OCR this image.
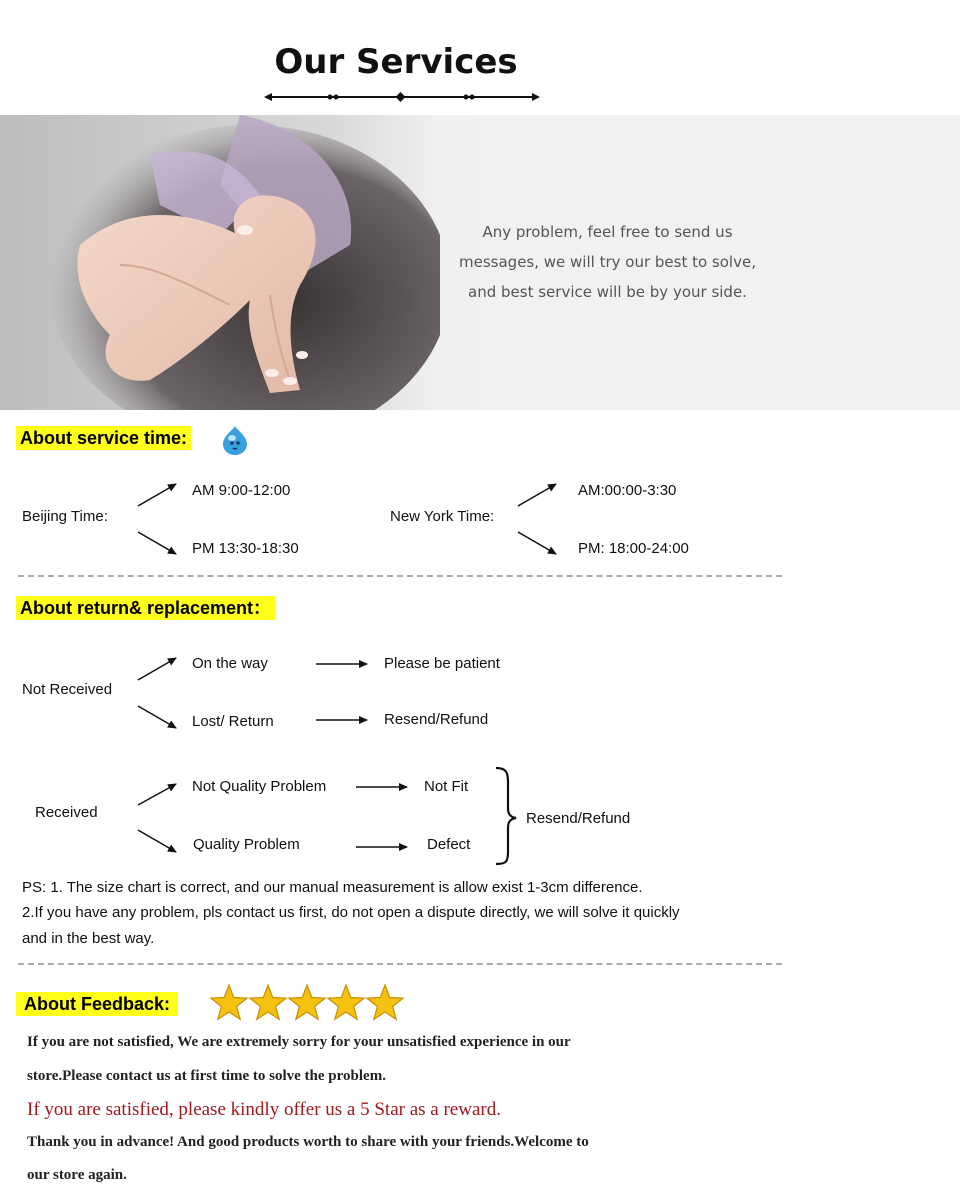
Our Services
Any problem, feel free to send us
messages, we will try our best to solve,
and best service will be by your side.
About service time:
Beijing Time:
AM 9:00-12:00
PM 13:30-18:30
New York Time:
AM:00:00-3:30
PM: 18:00-24:00
About return& replacement：
Not Received
On the way	Please be patient
Lost/ Return	Resend/Refund
Received
Not Quality Problem	Not Fit
Quality Problem	Defect
Resend/Refund
PS: 1. The size chart is correct, and our manual measurement is allow exist 1-3cm difference.
2.If you have any problem, pls contact us first, do not open a dispute directly, we will solve it quickly
and in the best way.
About Feedback:
If you are not satisfied, We are extremely sorry for your unsatisfied experience in our
store.Please contact us at first time to solve the problem.
If you are satisfied, please kindly offer us a 5 Star as a reward.
Thank you in advance! And good products worth to share with your friends.Welcome to
our store again.
